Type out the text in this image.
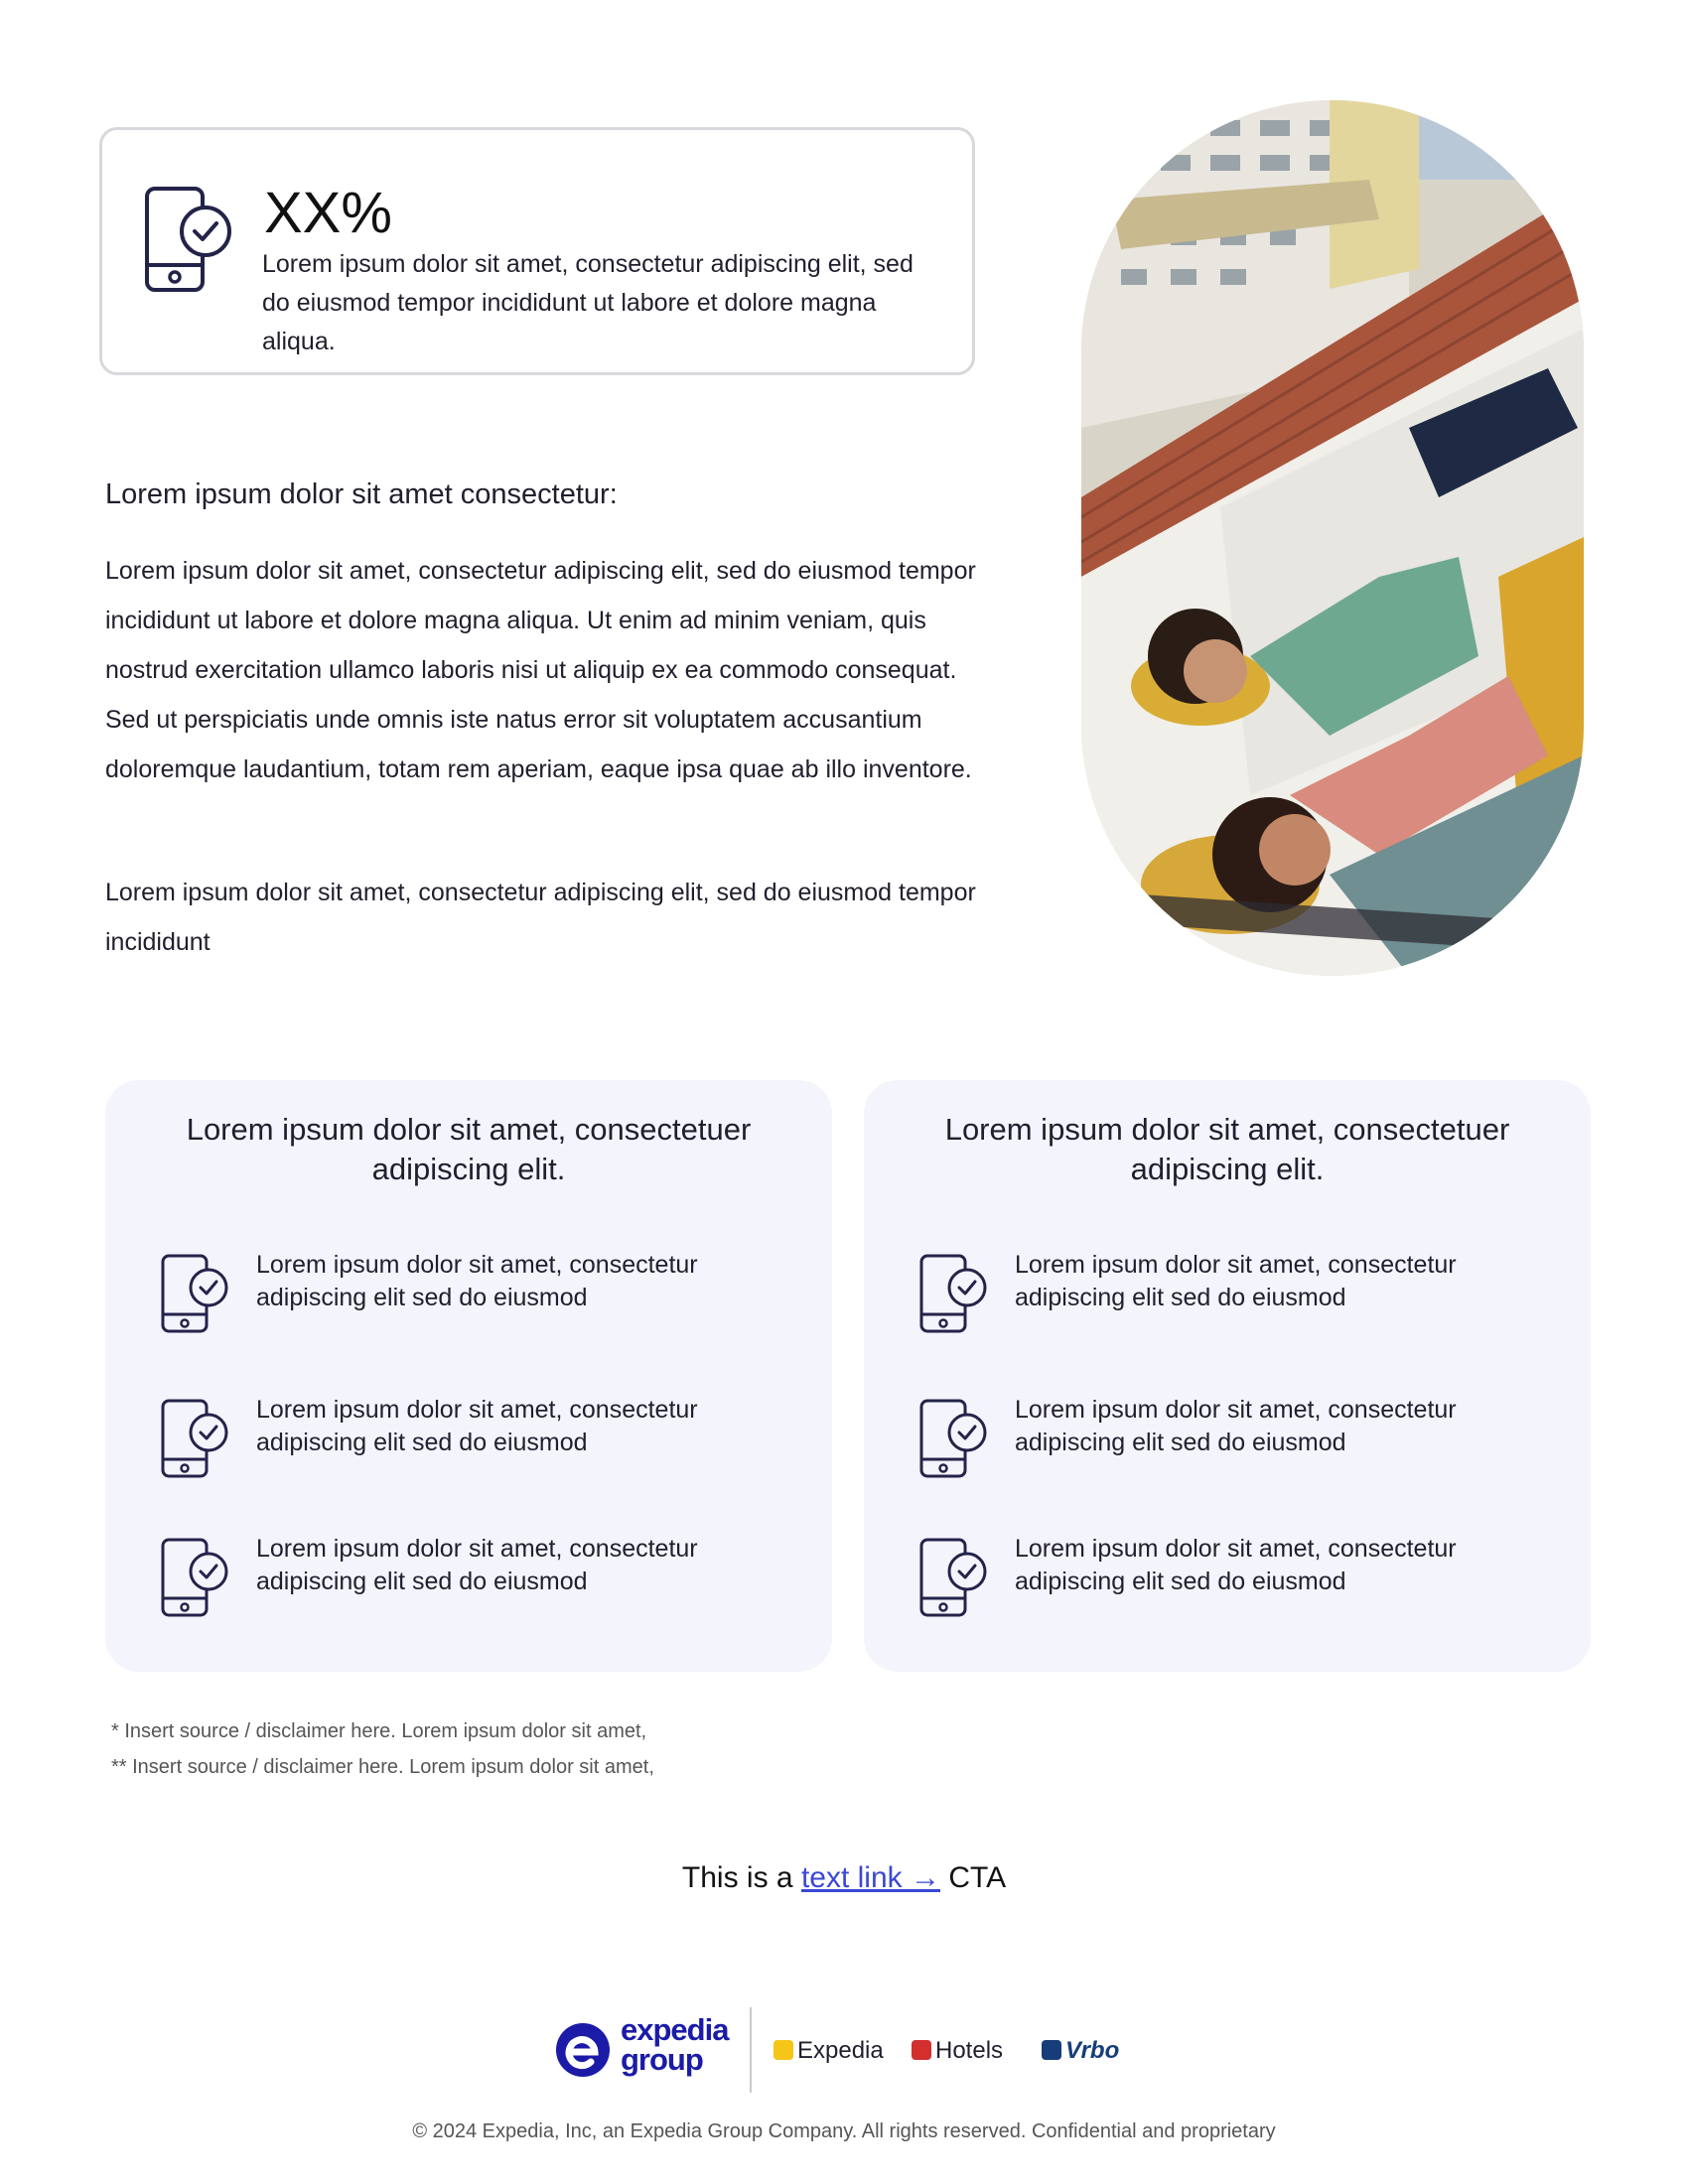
XX%
Lorem ipsum dolor sit amet, consectetur adipiscing elit, sed do eiusmod tempor incididunt ut labore et dolore magna aliqua.
Lorem ipsum dolor sit amet consectetur:
Lorem ipsum dolor sit amet, consectetur adipiscing elit, sed do eiusmod tempor incididunt ut labore et dolore magna aliqua. Ut enim ad minim veniam, quis nostrud exercitation ullamco laboris nisi ut aliquip ex ea commodo consequat. Sed ut perspiciatis unde omnis iste natus error sit voluptatem accusantium doloremque laudantium, totam rem aperiam, eaque ipsa quae ab illo inventore.
Lorem ipsum dolor sit amet, consectetur adipiscing elit, sed do eiusmod tempor incididunt
Lorem ipsum dolor sit amet, consectetuer adipiscing elit.
Lorem ipsum dolor sit amet, consectetur adipiscing elit sed do eiusmod
Lorem ipsum dolor sit amet, consectetur adipiscing elit sed do eiusmod
Lorem ipsum dolor sit amet, consectetur adipiscing elit sed do eiusmod
Lorem ipsum dolor sit amet, consectetuer adipiscing elit.
Lorem ipsum dolor sit amet, consectetur adipiscing elit sed do eiusmod
Lorem ipsum dolor sit amet, consectetur adipiscing elit sed do eiusmod
Lorem ipsum dolor sit amet, consectetur adipiscing elit sed do eiusmod
* Insert source / disclaimer here. Lorem ipsum dolor sit amet,
** Insert source / disclaimer here. Lorem ipsum dolor sit amet,
This is a text link → CTA
expedia group	Expedia	Hotels	Vrbo
© 2024 Expedia, Inc, an Expedia Group Company. All rights reserved. Confidential and proprietary
